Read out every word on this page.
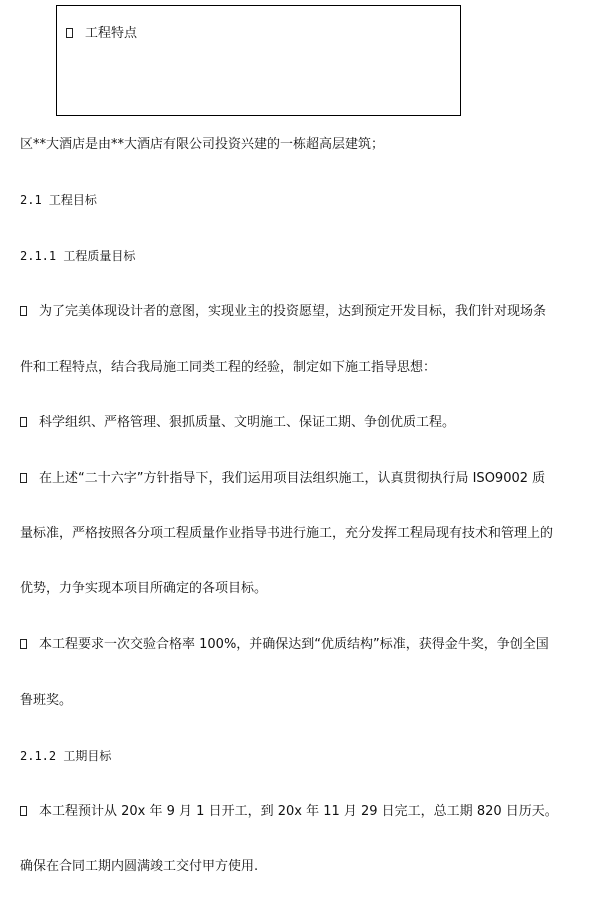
工程特点
区**大酒店是由**大酒店有限公司投资兴建的一栋超高层建筑；
2.1 工程目标
2.1.1 工程质量目标
为了完美体现设计者的意图，实现业主的投资愿望，达到预定开发目标，我们针对现场条
件和工程特点，结合我局施工同类工程的经验，制定如下施工指导思想：
科学组织、严格管理、狠抓质量、文明施工、保证工期、争创优质工程。
在上述“二十六字”方针指导下，我们运用项目法组织施工，认真贯彻执行局 ISO9002 质
量标准，严格按照各分项工程质量作业指导书进行施工，充分发挥工程局现有技术和管理上的
优势，力争实现本项目所确定的各项目标。
本工程要求一次交验合格率 100%，并确保达到“优质结构”标准，获得金牛奖，争创全国
鲁班奖。
2.1.2 工期目标
本工程预计从 20x 年 9 月 1 日开工，到 20x 年 11 月 29 日完工，总工期 820 日历天。
确保在合同工期内圆满竣工交付甲方使用.
